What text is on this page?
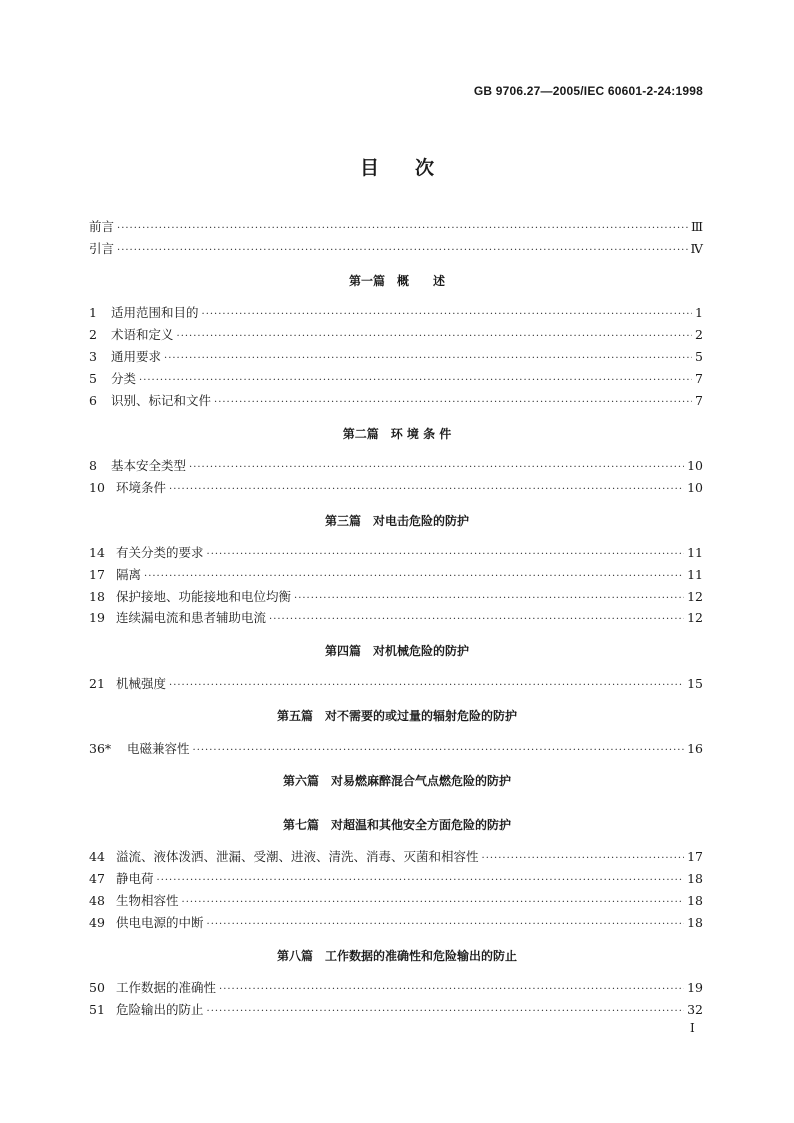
GB 9706.27—2005/IEC 60601-2-24:1998
目次
前言 ·····	Ⅲ
引言 ·····	Ⅳ
第一篇　概　　述
1	适用范围和目的 ·····	1
2	术语和定义 ·····	2
3	通用要求 ·····	5
5	分类 ·····	7
6	识别、标记和文件 ·····	7
第二篇　环 境 条 件
8	基本安全类型 ·····	10
10 环境条件 ·····	10
第三篇　对电击危险的防护
14 有关分类的要求 ·····	11
17 隔离 ·····	11
18 保护接地、功能接地和电位均衡 ·····	12
19 连续漏电流和患者辅助电流 ·····	12
第四篇　对机械危险的防护
21 机械强度 ·····	15
第五篇　对不需要的或过量的辐射危险的防护
36*	电磁兼容性 ·····	16
第六篇　对易燃麻醉混合气点燃危险的防护
第七篇　对超温和其他安全方面危险的防护
44 溢流、液体泼洒、泄漏、受潮、进液、清洗、消毒、灭菌和相容性 ·····	17
47 静电荷 ·····	18
48 生物相容性 ·····	18
49 供电电源的中断 ·····	18
第八篇　工作数据的准确性和危险输出的防止
50 工作数据的准确性 ·····	19
51 危险输出的防止 ·····	32
I
